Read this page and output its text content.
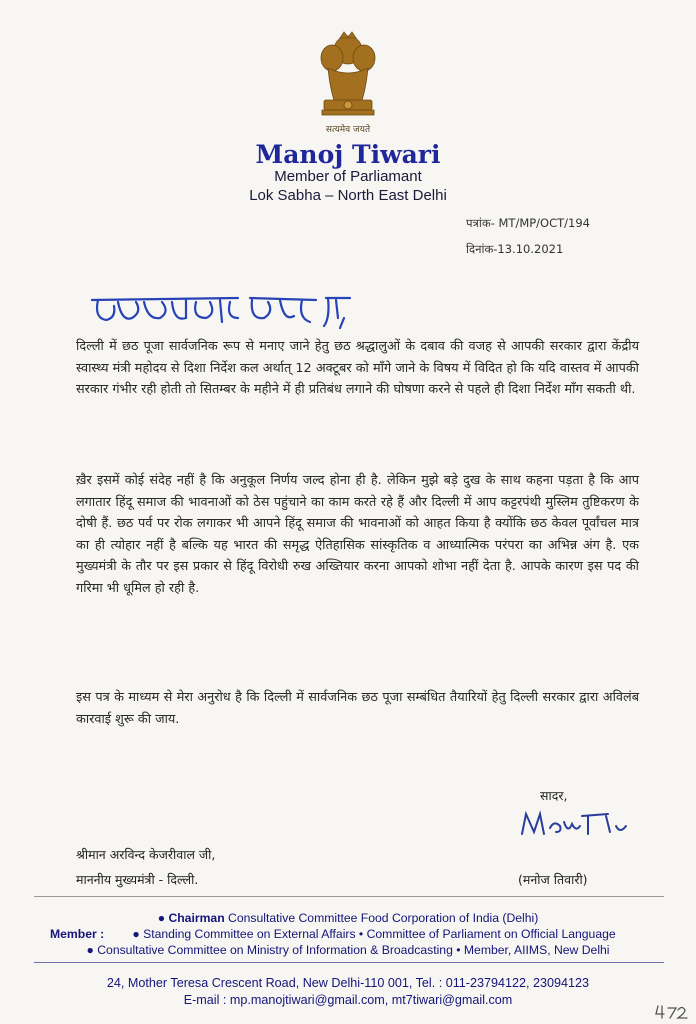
सत्यमेव जयते
Manoj Tiwari
Member of Parliamant
Lok Sabha – North East Delhi
पत्रांक- MT/MP/OCT/194
दिनांक-13.10.2021
दिल्ली में छठ पूजा सार्वजनिक रूप से मनाए जाने हेतु छठ श्रद्धालुओं के दबाव की वजह से आपकी सरकार द्वारा केंद्रीय स्वास्थ्य मंत्री महोदय से दिशा निर्देश कल अर्थात् 12 अक्टूबर को माँगे जाने के विषय में विदित हो कि यदि वास्तव में आपकी सरकार गंभीर रही होती तो सितम्बर के महीने में ही प्रतिबंध लगाने की घोषणा करने से पहले ही दिशा निर्देश माँग सकती थी.
ख़ैर इसमें कोई संदेह नहीं है कि अनुकूल निर्णय जल्द होना ही है. लेकिन मुझे बड़े दुख के साथ कहना पड़ता है कि आप लगातार हिंदू समाज की भावनाओं को ठेस पहुंचाने का काम करते रहे हैं और दिल्ली में आप कट्टरपंथी मुस्लिम तुष्टिकरण के दोषी हैं. छठ पर्व पर रोक लगाकर भी आपने हिंदू समाज की भावनाओं को आहत किया है क्योंकि छठ केवल पूर्वांचल मात्र का ही त्योहार नहीं है बल्कि यह भारत की समृद्ध ऐतिहासिक सांस्कृतिक व आध्यात्मिक परंपरा का अभिन्न अंग है. एक मुख्यमंत्री के तौर पर इस प्रकार से हिंदू विरोधी रुख अख्तियार करना आपको शोभा नहीं देता है. आपके कारण इस पद की गरिमा भी धूमिल हो रही है.
इस पत्र के माध्यम से मेरा अनुरोध है कि दिल्ली में सार्वजनिक छठ पूजा सम्बंधित तैयारियों हेतु दिल्ली सरकार द्वारा अविलंब कारवाई शुरू की जाय.
सादर,
श्रीमान अरविन्द केजरीवाल जी,
माननीय मुख्यमंत्री - दिल्ली.	(मनोज तिवारी)
● Chairman Consultative Committee Food Corporation of India (Delhi)
Member :	● Standing Committee on External Affairs • Committee of Parliament on Official Language
● Consultative Committee on Ministry of Information & Broadcasting • Member, AIIMS, New Delhi
24, Mother Teresa Crescent Road, New Delhi-110 001, Tel. : 011-23794122, 23094123
E-mail : mp.manojtiwari@gmail.com, mt7tiwari@gmail.com
